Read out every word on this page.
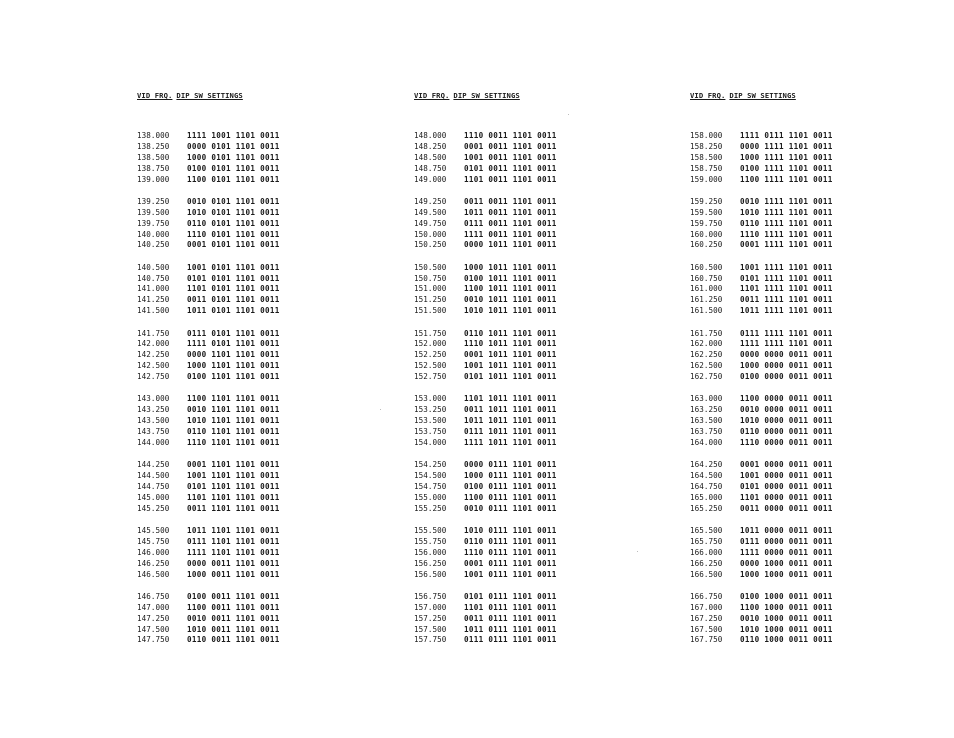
VID FRQ. DIP SW SETTINGS
138.000	1111 1001 1101 0011
138.250	0000 0101 1101 0011
138.500	1000 0101 1101 0011
138.750	0100 0101 1101 0011
139.000	1100 0101 1101 0011
139.250	0010 0101 1101 0011
139.500	1010 0101 1101 0011
139.750	0110 0101 1101 0011
140.000	1110 0101 1101 0011
140.250	0001 0101 1101 0011
140.500	1001 0101 1101 0011
140.750	0101 0101 1101 0011
141.000	1101 0101 1101 0011
141.250	0011 0101 1101 0011
141.500	1011 0101 1101 0011
141.750	0111 0101 1101 0011
142.000	1111 0101 1101 0011
142.250	0000 1101 1101 0011
142.500	1000 1101 1101 0011
142.750	0100 1101 1101 0011
143.000	1100 1101 1101 0011
143.250	0010 1101 1101 0011
143.500	1010 1101 1101 0011
143.750	0110 1101 1101 0011
144.000	1110 1101 1101 0011
144.250	0001 1101 1101 0011
144.500	1001 1101 1101 0011
144.750	0101 1101 1101 0011
145.000	1101 1101 1101 0011
145.250	0011 1101 1101 0011
145.500	1011 1101 1101 0011
145.750	0111 1101 1101 0011
146.000	1111 1101 1101 0011
146.250	0000 0011 1101 0011
146.500	1000 0011 1101 0011
146.750	0100 0011 1101 0011
147.000	1100 0011 1101 0011
147.250	0010 0011 1101 0011
147.500	1010 0011 1101 0011
147.750	0110 0011 1101 0011
VID FRQ. DIP SW SETTINGS
148.000	1110 0011 1101 0011
148.250	0001 0011 1101 0011
148.500	1001 0011 1101 0011
148.750	0101 0011 1101 0011
149.000	1101 0011 1101 0011
149.250	0011 0011 1101 0011
149.500	1011 0011 1101 0011
149.750	0111 0011 1101 0011
150.000	1111 0011 1101 0011
150.250	0000 1011 1101 0011
150.500	1000 1011 1101 0011
150.750	0100 1011 1101 0011
151.000	1100 1011 1101 0011
151.250	0010 1011 1101 0011
151.500	1010 1011 1101 0011
151.750	0110 1011 1101 0011
152.000	1110 1011 1101 0011
152.250	0001 1011 1101 0011
152.500	1001 1011 1101 0011
152.750	0101 1011 1101 0011
153.000	1101 1011 1101 0011
153.250	0011 1011 1101 0011
153.500	1011 1011 1101 0011
153.750	0111 1011 1101 0011
154.000	1111 1011 1101 0011
154.250	0000 0111 1101 0011
154.500	1000 0111 1101 0011
154.750	0100 0111 1101 0011
155.000	1100 0111 1101 0011
155.250	0010 0111 1101 0011
155.500	1010 0111 1101 0011
155.750	0110 0111 1101 0011
156.000	1110 0111 1101 0011
156.250	0001 0111 1101 0011
156.500	1001 0111 1101 0011
156.750	0101 0111 1101 0011
157.000	1101 0111 1101 0011
157.250	0011 0111 1101 0011
157.500	1011 0111 1101 0011
157.750	0111 0111 1101 0011
VID FRQ. DIP SW SETTINGS
158.000	1111 0111 1101 0011
158.250	0000 1111 1101 0011
158.500	1000 1111 1101 0011
158.750	0100 1111 1101 0011
159.000	1100 1111 1101 0011
159.250	0010 1111 1101 0011
159.500	1010 1111 1101 0011
159.750	0110 1111 1101 0011
160.000	1110 1111 1101 0011
160.250	0001 1111 1101 0011
160.500	1001 1111 1101 0011
160.750	0101 1111 1101 0011
161.000	1101 1111 1101 0011
161.250	0011 1111 1101 0011
161.500	1011 1111 1101 0011
161.750	0111 1111 1101 0011
162.000	1111 1111 1101 0011
162.250	0000 0000 0011 0011
162.500	1000 0000 0011 0011
162.750	0100 0000 0011 0011
163.000	1100 0000 0011 0011
163.250	0010 0000 0011 0011
163.500	1010 0000 0011 0011
163.750	0110 0000 0011 0011
164.000	1110 0000 0011 0011
164.250	0001 0000 0011 0011
164.500	1001 0000 0011 0011
164.750	0101 0000 0011 0011
165.000	1101 0000 0011 0011
165.250	0011 0000 0011 0011
165.500	1011 0000 0011 0011
165.750	0111 0000 0011 0011
166.000	1111 0000 0011 0011
166.250	0000 1000 0011 0011
166.500	1000 1000 0011 0011
166.750	0100 1000 0011 0011
167.000	1100 1000 0011 0011
167.250	0010 1000 0011 0011
167.500	1010 1000 0011 0011
167.750	0110 1000 0011 0011
